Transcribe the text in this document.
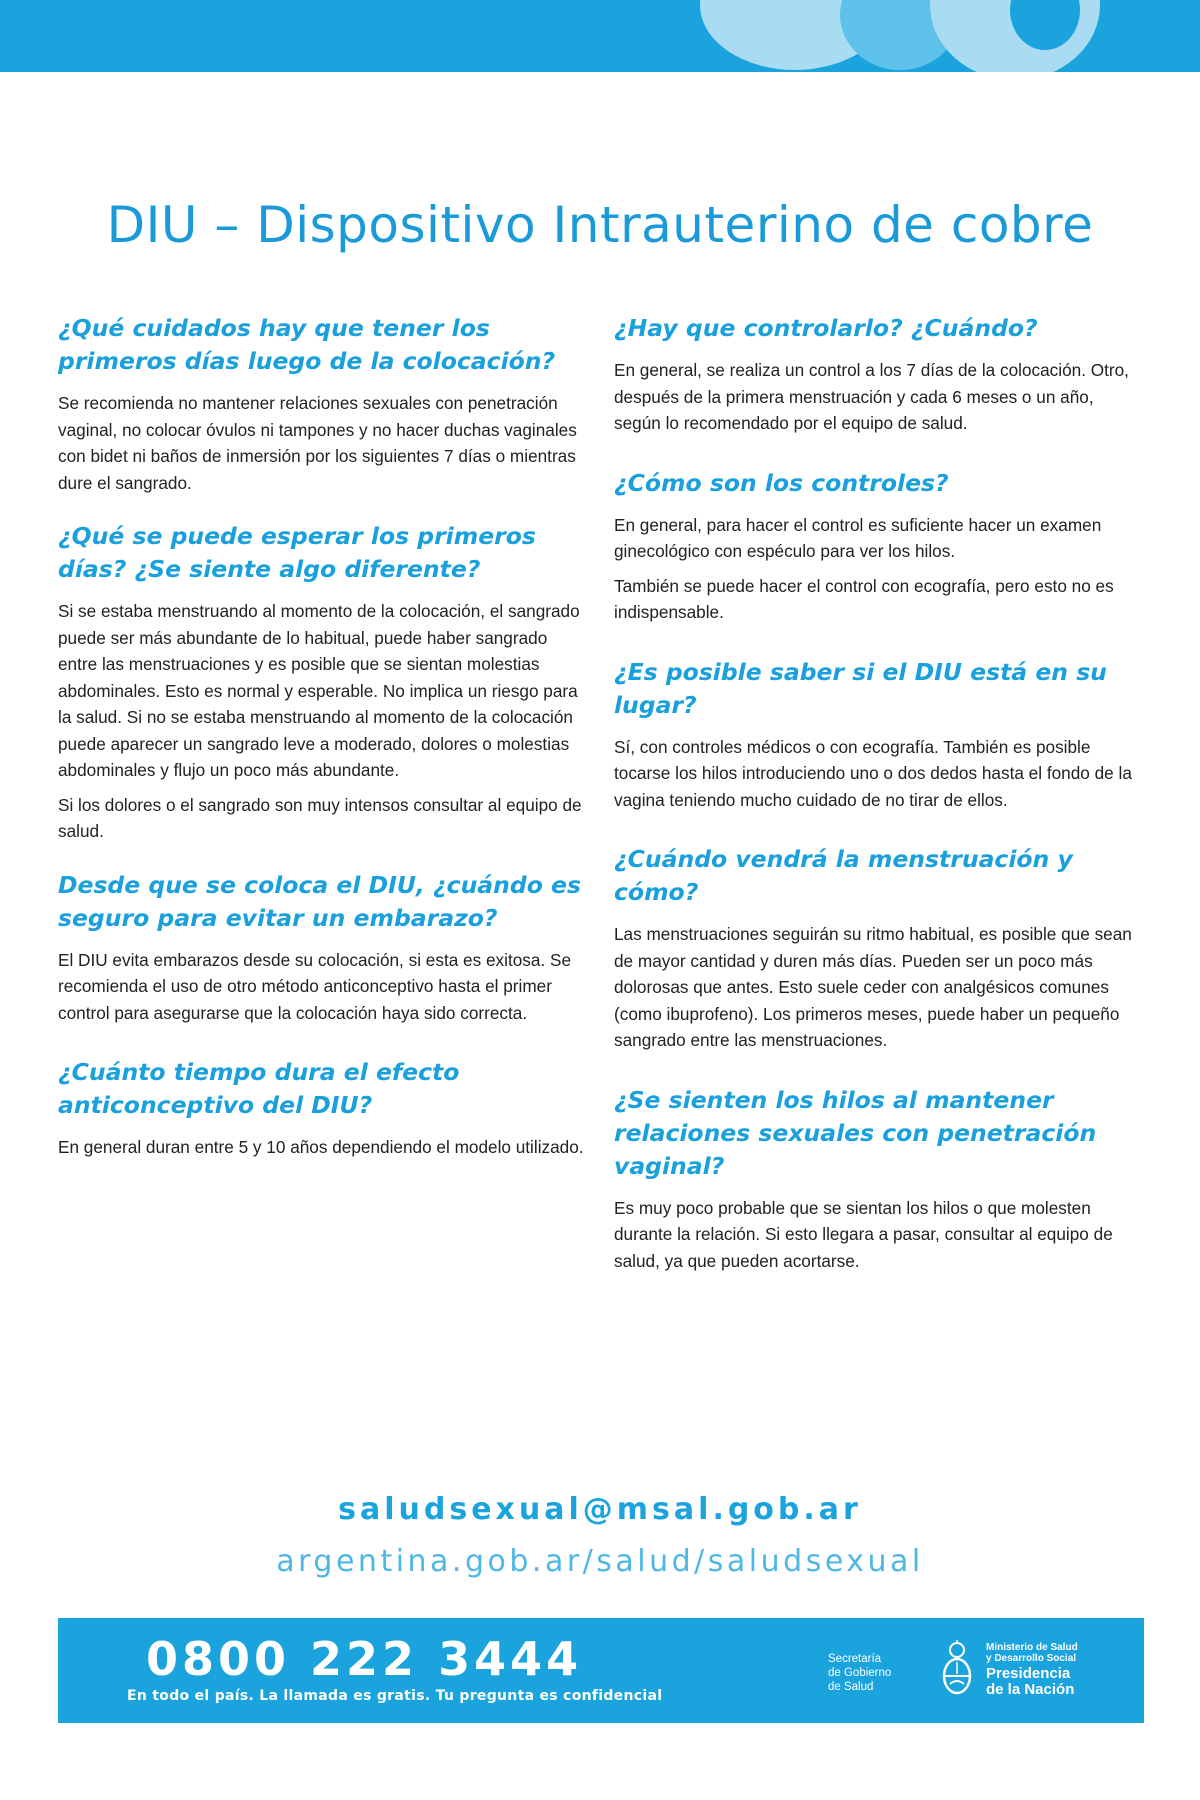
DIU – Dispositivo Intrauterino de cobre

¿Qué cuidados hay que tener los primeros días luego de la colocación?

Se recomienda no mantener relaciones sexuales con penetración vaginal, no colocar óvulos ni tampones y no hacer duchas vaginales con bidet ni baños de inmersión por los siguientes 7 días o mientras dure el sangrado.

¿Qué se puede esperar los primeros días? ¿Se siente algo diferente?

Si se estaba menstruando al momento de la colocación, el sangrado puede ser más abundante de lo habitual, puede haber sangrado entre las menstruaciones y es posible que se sientan molestias abdominales. Esto es normal y esperable. No implica un riesgo para la salud. Si no se estaba menstruando al momento de la colocación puede aparecer un sangrado leve a moderado, dolores o molestias abdominales y flujo un poco más abundante.

Si los dolores o el sangrado son muy intensos consultar al equipo de salud.

Desde que se coloca el DIU, ¿cuándo es seguro para evitar un embarazo?

El DIU evita embarazos desde su colocación, si esta es exitosa. Se recomienda el uso de otro método anticonceptivo hasta el primer control para asegurarse que la colocación haya sido correcta.

¿Cuánto tiempo dura el efecto anticonceptivo del DIU?

En general duran entre 5 y 10 años dependiendo el modelo utilizado.

¿Hay que controlarlo? ¿Cuándo?

En general, se realiza un control a los 7 días de la colocación. Otro, después de la primera menstruación y cada 6 meses o un año, según lo recomendado por el equipo de salud.

¿Cómo son los controles?

En general, para hacer el control es suficiente hacer un examen ginecológico con espéculo para ver los hilos.

También se puede hacer el control con ecografía, pero esto no es indispensable.

¿Es posible saber si el DIU está en su lugar?

Sí, con controles médicos o con ecografía. También es posible tocarse los hilos introduciendo uno o dos dedos hasta el fondo de la vagina teniendo mucho cuidado de no tirar de ellos.

¿Cuándo vendrá la menstruación y cómo?

Las menstruaciones seguirán su ritmo habitual, es posible que sean de mayor cantidad y duren más días. Pueden ser un poco más dolorosas que antes. Esto suele ceder con analgésicos comunes (como ibuprofeno). Los primeros meses, puede haber un pequeño sangrado entre las menstruaciones.

¿Se sienten los hilos al mantener relaciones sexuales con penetración vaginal?

Es muy poco probable que se sientan los hilos o que molesten durante la relación. Si esto llegara a pasar, consultar al equipo de salud, ya que pueden acortarse.

saludsexual@msal.gob.ar
argentina.gob.ar/salud/saludsexual
0800 222 3444
En todo el país. La llamada es gratis. Tu pregunta es confidencial
Secretaría
de Gobierno
de Salud
Ministerio de Salud
y Desarrollo Social
Presidencia
de la Nación
